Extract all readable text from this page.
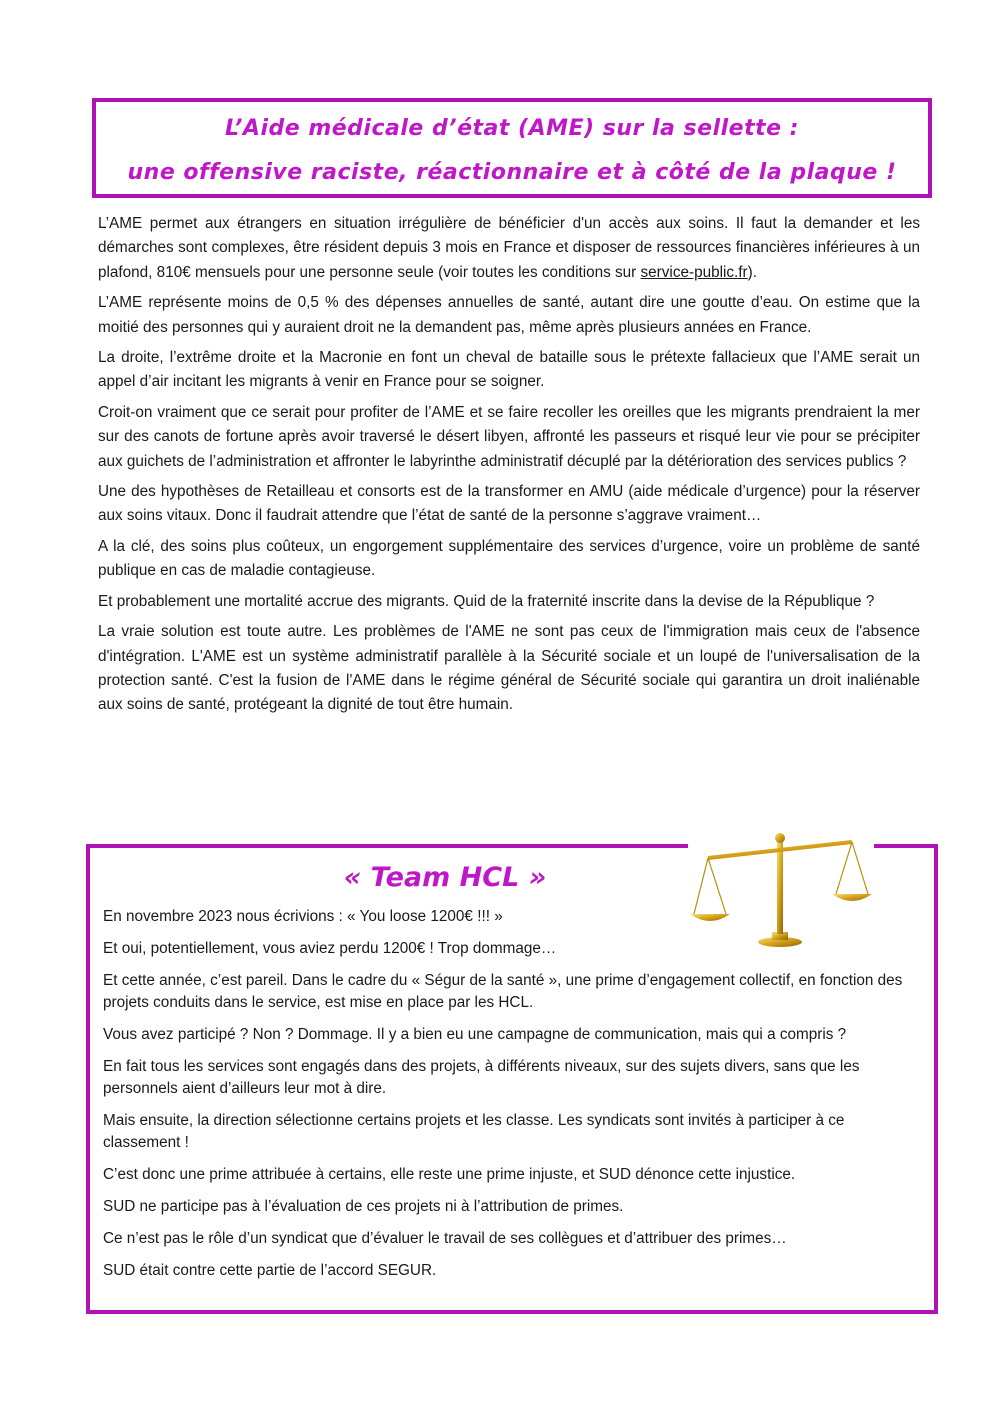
L’Aide médicale d’état (AME) sur la sellette :
une offensive raciste, réactionnaire et à côté de la plaque !

L’AME permet aux étrangers en situation irrégulière de bénéficier d'un accès aux soins. Il faut la demander et les démarches sont complexes, être résident depuis 3 mois en France et disposer de ressources financières inférieures à un plafond, 810€ mensuels pour une personne seule (voir toutes les conditions sur service-public.fr).

L’AME représente moins de 0,5 % des dépenses annuelles de santé, autant dire une goutte d’eau. On estime que la moitié des personnes qui y auraient droit ne la demandent pas, même après plusieurs années en France.

La droite, l’extrême droite et la Macronie en font un cheval de bataille sous le prétexte fallacieux que l’AME serait un appel d’air incitant les migrants à venir en France pour se soigner.

Croit-on vraiment que ce serait pour profiter de l’AME et se faire recoller les oreilles que les migrants prendraient la mer sur des canots de fortune après avoir traversé le désert libyen, affronté les passeurs et risqué leur vie pour se précipiter aux guichets de l’administration et affronter le labyrinthe administratif décuplé par la détérioration des services publics ?

Une des hypothèses de Retailleau et consorts est de la transformer en AMU (aide médicale d’urgence) pour la réserver aux soins vitaux. Donc il faudrait attendre que l’état de santé de la personne s’aggrave vraiment…

A la clé, des soins plus coûteux, un engorgement supplémentaire des services d’urgence, voire un problème de santé publique en cas de maladie contagieuse.

Et probablement une mortalité accrue des migrants. Quid de la fraternité inscrite dans la devise de la République ?

La vraie solution est toute autre. Les problèmes de l'AME ne sont pas ceux de l'immigration mais ceux de l'absence d'intégration. L'AME est un système administratif parallèle à la Sécurité sociale et un loupé de l'universalisation de la protection santé. C'est la fusion de l'AME dans le régime général de Sécurité sociale qui garantira un droit inaliénable aux soins de santé, protégeant la dignité de tout être humain.

« Team HCL »

En novembre 2023 nous écrivions : « You loose 1200€ !!! »

Et oui, potentiellement, vous aviez perdu 1200€ ! Trop dommage…

Et cette année, c’est pareil. Dans le cadre du « Ségur de la santé », une prime d’engagement collectif, en fonction des projets conduits dans le service, est mise en place par les HCL.

Vous avez participé ? Non ? Dommage. Il y a bien eu une campagne de communication, mais qui a compris ?

En fait tous les services sont engagés dans des projets, à différents niveaux, sur des sujets divers, sans que les personnels aient d’ailleurs leur mot à dire.

Mais ensuite, la direction sélectionne certains projets et les classe. Les syndicats sont invités à participer à ce classement !

C’est donc une prime attribuée à certains, elle reste une prime injuste, et SUD dénonce cette injustice.

SUD ne participe pas à l’évaluation de ces projets ni à l’attribution de primes.

Ce n’est pas le rôle d’un syndicat que d’évaluer le travail de ses collègues et d’attribuer des primes…

SUD était contre cette partie de l’accord SEGUR.
